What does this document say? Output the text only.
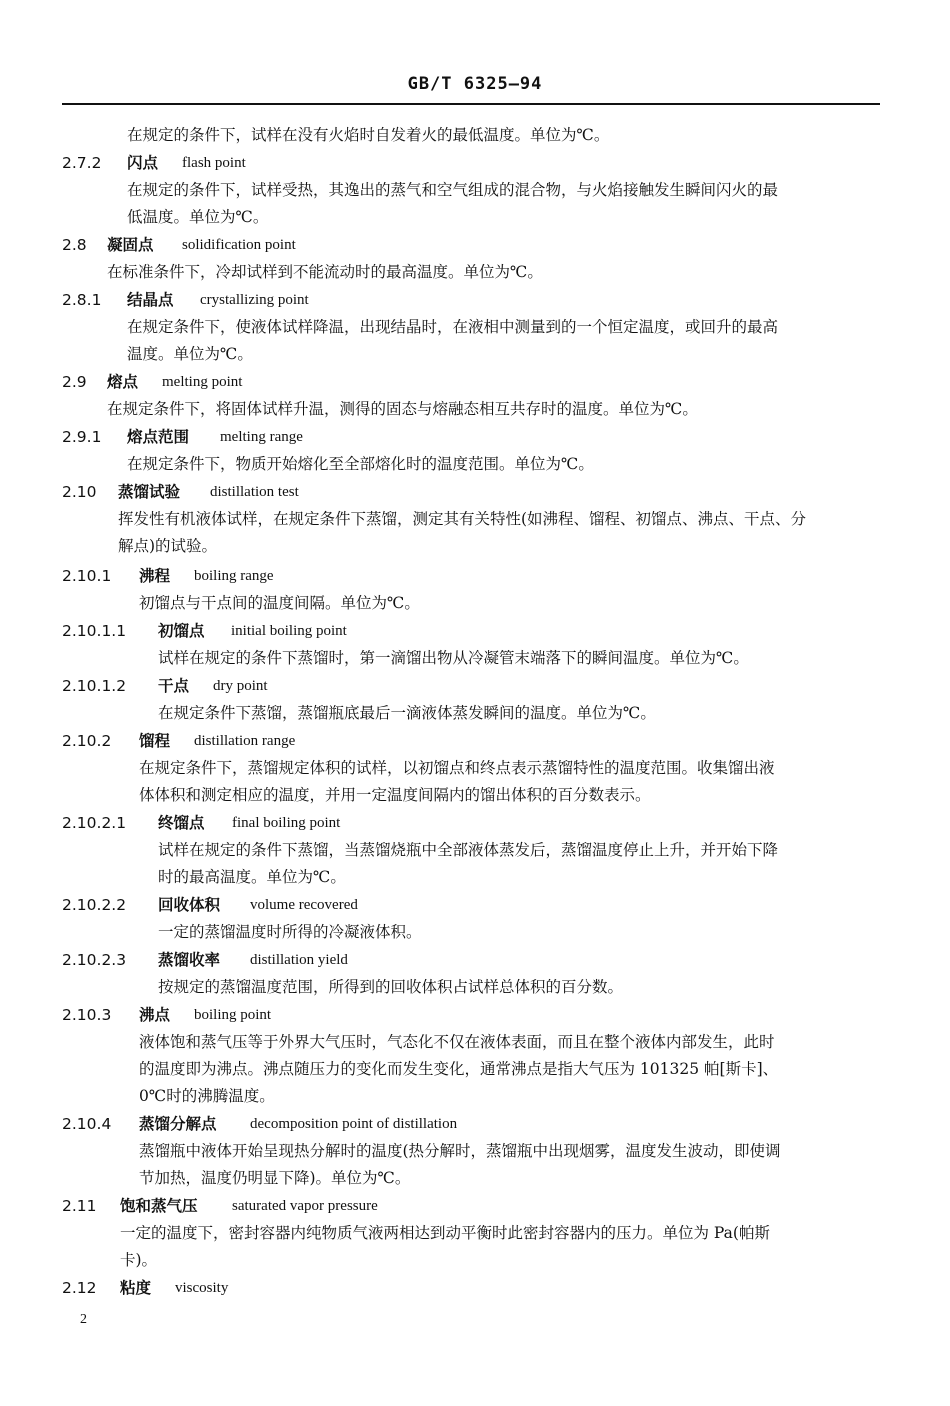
GB/T 6325—94
在规定的条件下，试样在没有火焰时自发着火的最低温度。单位为℃。
2.7.2 闪点 flash point
在规定的条件下，试样受热，其逸出的蒸气和空气组成的混合物，与火焰接触发生瞬间闪火的最
低温度。单位为℃。
2.8 凝固点 solidification point
在标准条件下，冷却试样到不能流动时的最高温度。单位为℃。
2.8.1 结晶点 crystallizing point
在规定条件下，使液体试样降温，出现结晶时，在液相中测量到的一个恒定温度，或回升的最高
温度。单位为℃。
2.9 熔点 melting point
在规定条件下，将固体试样升温，测得的固态与熔融态相互共存时的温度。单位为℃。
2.9.1 熔点范围 melting range
在规定条件下，物质开始熔化至全部熔化时的温度范围。单位为℃。
2.10 蒸馏试验 distillation test
挥发性有机液体试样，在规定条件下蒸馏，测定其有关特性(如沸程、馏程、初馏点、沸点、干点、分
解点)的试验。
2.10.1 沸程 boiling range
初馏点与干点间的温度间隔。单位为℃。
2.10.1.1 初馏点 initial boiling point
试样在规定的条件下蒸馏时，第一滴馏出物从冷凝管末端落下的瞬间温度。单位为℃。
2.10.1.2 干点 dry point
在规定条件下蒸馏，蒸馏瓶底最后一滴液体蒸发瞬间的温度。单位为℃。
2.10.2 馏程 distillation range
在规定条件下，蒸馏规定体积的试样，以初馏点和终点表示蒸馏特性的温度范围。收集馏出液
体体积和测定相应的温度，并用一定温度间隔内的馏出体积的百分数表示。
2.10.2.1 终馏点 final boiling point
试样在规定的条件下蒸馏，当蒸馏烧瓶中全部液体蒸发后，蒸馏温度停止上升，并开始下降
时的最高温度。单位为℃。
2.10.2.2 回收体积 volume recovered
一定的蒸馏温度时所得的冷凝液体积。
2.10.2.3 蒸馏收率 distillation yield
按规定的蒸馏温度范围，所得到的回收体积占试样总体积的百分数。
2.10.3 沸点 boiling point
液体饱和蒸气压等于外界大气压时，气态化不仅在液体表面，而且在整个液体内部发生，此时
的温度即为沸点。沸点随压力的变化而发生变化，通常沸点是指大气压为 101325 帕[斯卡]、
0℃时的沸腾温度。
2.10.4 蒸馏分解点 decomposition point of distillation
蒸馏瓶中液体开始呈现热分解时的温度(热分解时，蒸馏瓶中出现烟雾，温度发生波动，即使调
节加热，温度仍明显下降)。单位为℃。
2.11 饱和蒸气压 saturated vapor pressure
一定的温度下，密封容器内纯物质气液两相达到动平衡时此密封容器内的压力。单位为 Pa(帕斯
卡)。
2.12 粘度 viscosity
2
